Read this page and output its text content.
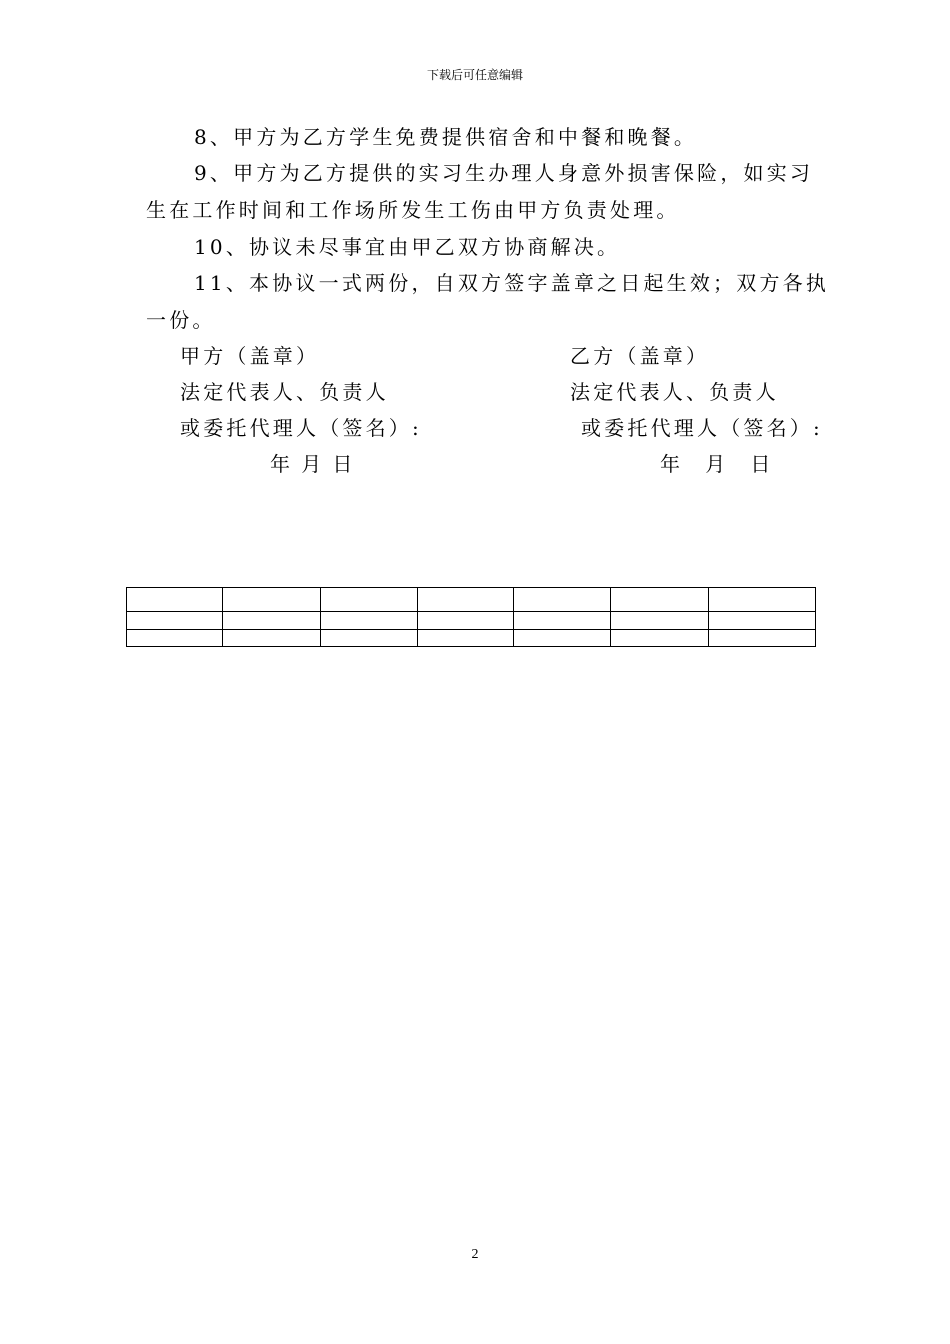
下载后可任意编辑
8、甲方为乙方学生免费提供宿舍和中餐和晚餐。
9、甲方为乙方提供的实习生办理人身意外损害保险，如实习
生在工作时间和工作场所发生工伤由甲方负责处理。
10、协议未尽事宜由甲乙双方协商解决。
11、本协议一式两份，自双方签字盖章之日起生效；双方各执
一份。
甲方（盖章）
法定代表人、负责人
或委托代理人（签名）:
年 月 日
乙方（盖章）
法定代表人、负责人
或委托代理人（签名）:
年 月 日

2
